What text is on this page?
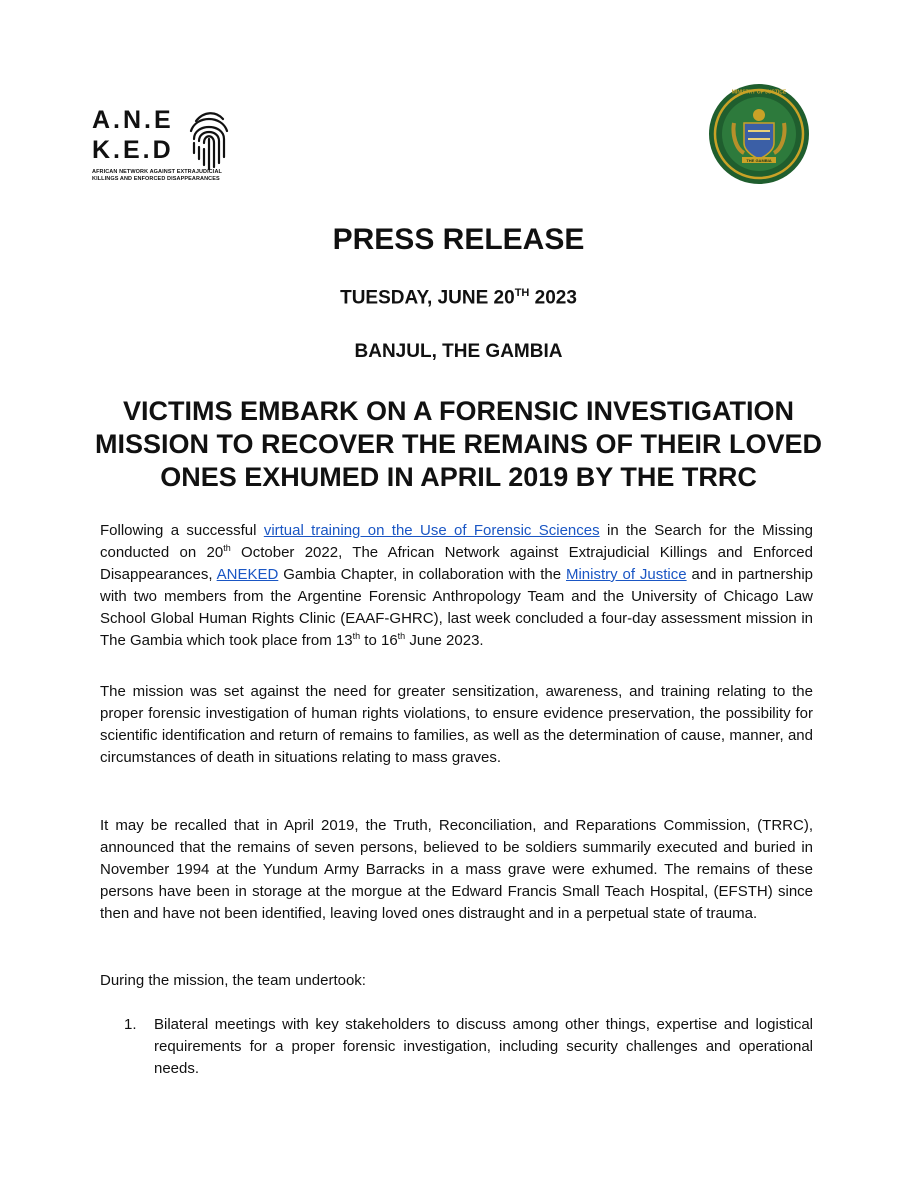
A.N.E
K.E.D
AFRICAN NETWORK AGAINST EXTRAJUDICIAL
KILLINGS AND ENFORCED DISAPPEARANCES
MINISTRY OF JUSTICE
THE GAMBIA
PRESS RELEASE
TUESDAY, JUNE 20TH 2023
BANJUL, THE GAMBIA
VICTIMS EMBARK ON A FORENSIC INVESTIGATION
MISSION TO RECOVER THE REMAINS OF THEIR LOVED
ONES EXHUMED IN APRIL 2019 BY THE TRRC
Following a successful virtual training on the Use of Forensic Sciences in the Search for the Missing conducted on 20th October 2022, The African Network against Extrajudicial Killings and Enforced Disappearances, ANEKED Gambia Chapter, in collaboration with the Ministry of Justice and in partnership with two members from the Argentine Forensic Anthropology Team and the University of Chicago Law School Global Human Rights Clinic (EAAF-GHRC), last week concluded a four-day assessment mission in The Gambia which took place from 13th to 16th June 2023.
The mission was set against the need for greater sensitization, awareness, and training relating to the proper forensic investigation of human rights violations, to ensure evidence preservation, the possibility for scientific identification and return of remains to families, as well as the determination of cause, manner, and circumstances of death in situations relating to mass graves.
It may be recalled that in April 2019, the Truth, Reconciliation, and Reparations Commission, (TRRC), announced that the remains of seven persons, believed to be soldiers summarily executed and buried in November 1994 at the Yundum Army Barracks in a mass grave were exhumed. The remains of these persons have been in storage at the morgue at the Edward Francis Small Teach Hospital, (EFSTH) since then and have not been identified, leaving loved ones distraught and in a perpetual state of trauma.
During the mission, the team undertook:
1. Bilateral meetings with key stakeholders to discuss among other things, expertise and logistical requirements for a proper forensic investigation, including security challenges and operational needs.
